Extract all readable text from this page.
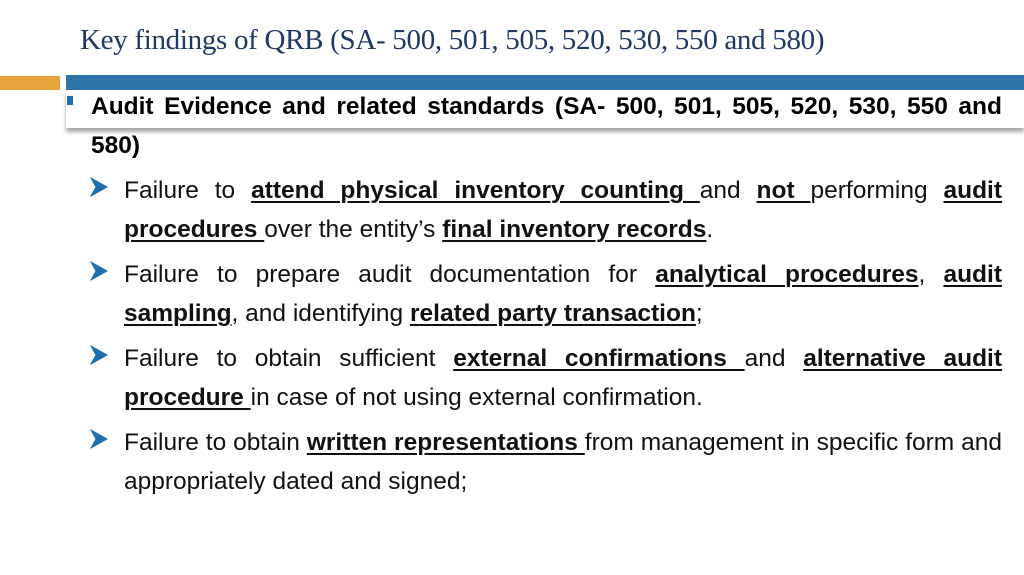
Key findings of QRB (SA- 500, 501, 505, 520, 530, 550 and 580)
Audit Evidence and related standards (SA- 500, 501, 505, 520, 530, 550 and 580)
Failure to attend physical inventory counting and not performing audit procedures over the entity’s final inventory records.
Failure to prepare audit documentation for analytical procedures, audit sampling, and identifying related party transaction;
Failure to obtain sufficient external confirmations and alternative audit procedure in case of not using external confirmation.
Failure to obtain written representations from management in specific form and appropriately dated and signed;
